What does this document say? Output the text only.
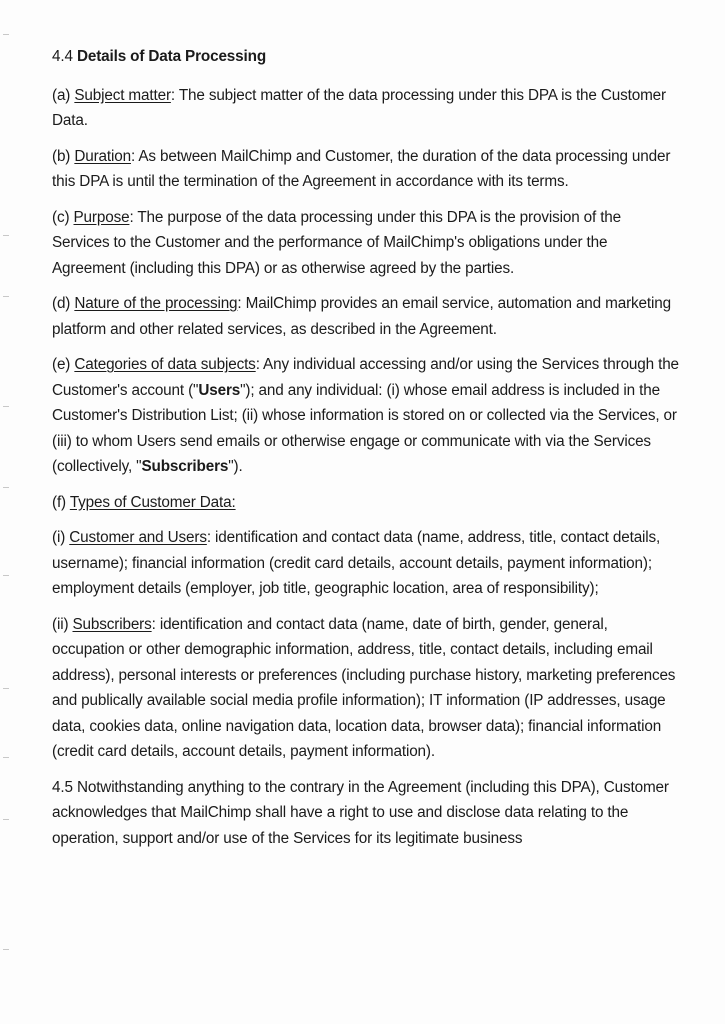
4.4 Details of Data Processing

(a) Subject matter: The subject matter of the data processing under this DPA is the Customer Data.

(b) Duration: As between MailChimp and Customer, the duration of the data processing under this DPA is until the termination of the Agreement in accordance with its terms.

(c) Purpose: The purpose of the data processing under this DPA is the provision of the Services to the Customer and the performance of MailChimp's obligations under the Agreement (including this DPA) or as otherwise agreed by the parties.

(d) Nature of the processing: MailChimp provides an email service, automation and marketing platform and other related services, as described in the Agreement.

(e) Categories of data subjects: Any individual accessing and/or using the Services through the Customer's account ("Users"); and any individual: (i) whose email address is included in the Customer's Distribution List; (ii) whose information is stored on or collected via the Services, or (iii) to whom Users send emails or otherwise engage or communicate with via the Services (collectively, "Subscribers").

(f) Types of Customer Data:

(i) Customer and Users: identification and contact data (name, address, title, contact details, username); financial information (credit card details, account details, payment information); employment details (employer, job title, geographic location, area of responsibility);

(ii) Subscribers: identification and contact data (name, date of birth, gender, general, occupation or other demographic information, address, title, contact details, including email address), personal interests or preferences (including purchase history, marketing preferences and publically available social media profile information); IT information (IP addresses, usage data, cookies data, online navigation data, location data, browser data); financial information (credit card details, account details, payment information).

4.5 Notwithstanding anything to the contrary in the Agreement (including this DPA), Customer acknowledges that MailChimp shall have a right to use and disclose data relating to the operation, support and/or use of the Services for its legitimate business
